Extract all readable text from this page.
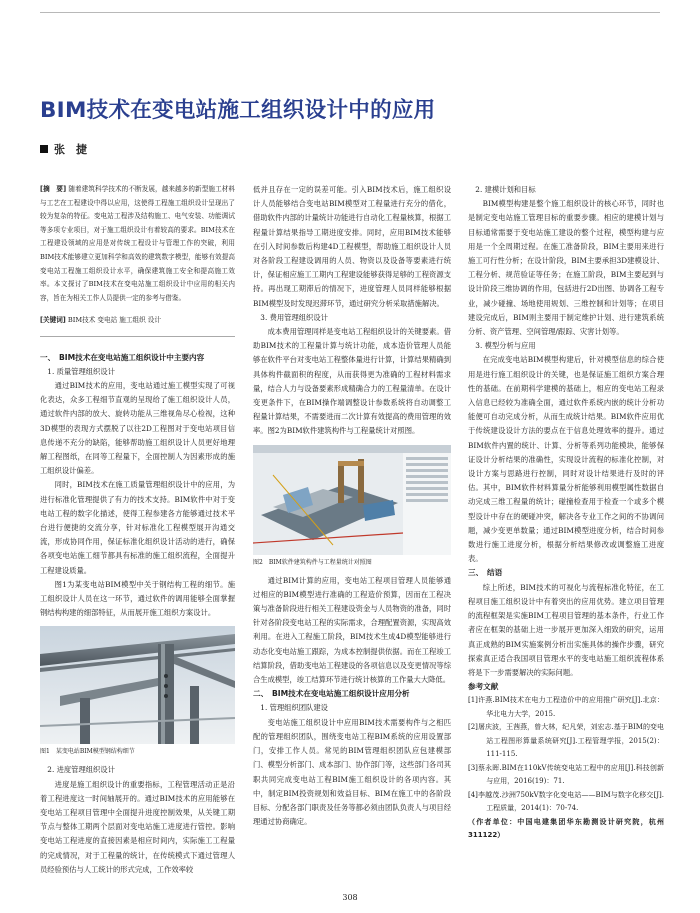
BIM技术在变电站施工组织设计中的应用
张　捷

[摘　要] 随着建筑科学技术的不断发展，越来越多的新型施工材料与工艺在工程建设中得以应用，这使得工程施工组织设计呈现出了较为复杂的特征。变电站工程涉及结构施工、电气安装、功能调试等多项专业项目，对于施工组织设计有着较高的要求。BIM技术在工程建设领域的应用是对传统工程设计与管理工作的突破，利用BIM技术能够建立更加科学和高效的建筑数字模型，能够有效提高变电站工程施工组织设计水平，确保建筑施工安全和提高施工效率。本文探讨了BIM技术在变电站施工组织设计中应用的相关内容，旨在为相关工作人员提供一定的参考与借鉴。

[关键词] BIM技术 变电站 施工组织 设计

一、　BIM技术在变电站施工组织设计中主要内容

1. 质量管理组织设计

通过BIM技术的应用，变电站通过施工模型实现了可视化表达，众多工程细节直观的呈现给了施工组织设计人员，通过软件内部的放大、旋转功能从三维视角尽心检视，这种3D模型的表现方式摆脱了以往2D工程图对于变电站项目信息传递不充分的缺陷，能够帮助施工组织设计人员更好地理解工程图纸，在同等工程量下，全面控制人为因素形成的施工组织设计偏差。

同时，BIM技术在施工质量管理组织设计中的应用，为进行标准化管理提供了有力的技术支持。BIM软件中对于变电站工程的数字化描述，使得工程参建各方能够通过技术平台进行便捷的交流分享，针对标准化工程模型展开沟通交流，形成协同作用，保证标准化组织设计活动的进行，确保各项变电站施工细节都具有标准的施工组织流程，全面提升工程建设质量。

图1为某变电站BIM模型中关于钢结构工程的细节。施工组织设计人员在这一环节，通过软件的调用能够全面掌握钢结构构建的细部特征，从而展开施工组织方案设计。

图1　某变电站BIM模型钢结构细节

2. 进度管理组织设计

进度是施工组织设计的重要指标，工程管理活动正是沿着工程进度这一时间轴展开的。通过BIM技术的应用能够在变电站工程项目管理中全面提升进度控制效果，从关键工期节点与整体工期两个层面对变电站施工进度进行管控。影响变电站工程进度的直接因素是相应时间内，实际施工工程量的完成情况，对于工程量的统计，在传统模式下通过管理人员经验预估与人工统计的形式完成，工作效率较

低并且存在一定的误差可能。引入BIM技术后，施工组织设计人员能够结合变电站BIM模型对工程量进行充分的借化，借助软件内部的计量统计功能进行自动化工程量核算，根据工程量计算结果指导工期进度安排。同时，应用BIM技术能够在引入时间参数后构建4D工程模型，帮助施工组织设计人员对各阶段工程建设调用的人员、物资以及设备等要素进行统计，保证相应施工工期内工程建设能够获得足够的工程资源支持。再出现工期滞后的情况下，进度管理人员同样能够根据BIM模型及时发现迟滞环节，通过研究分析采取措施解决。

3. 费用管理组织设计

成本费用管理同样是变电站工程组织设计的关键要素。借助BIM技术的工程量计算与统计功能，成本造价管理人员能够在软件平台对变电站工程整体量进行计算，计算结果精确到具体构件截面积的程度，从而获得更为准确的工程材料需求量，结合人力与设备要素形成精确合力的工程量清单。在设计变更条件下，在BIM操作端调整设计参数系统将自动调整工程量计算结果，不需要进而二次计算有效提高的费用管理的效率。图2为BIM软件建筑构件与工程量统计对照图。

图2　BIM软件建筑构件与工程量统计对照图

通过BIM计算的应用，变电站工程项目管理人员能够通过相应的BIM模型进行准确的工程造价预算，因而在工程决策与准备阶段进行相关工程建设资金与人员物资的准备，同时针对各阶段变电站工程的实际需求，合理配置资源，实现高效利用。在进入工程施工阶段，BIM技术生成4D模型能够进行动态化变电站施工跟踪，为成本控制提供依据。而在工程竣工结算阶段，借助变电站工程建设的各项信息以及变更情况等综合生成模型，竣工结算环节进行统计核算的工作量大大降低。

二、　BIM技术在变电站施工组织设计应用分析

1. 管理组织团队建设

变电站施工组织设计中应用BIM技术需要构件与之相匹配的管理组织团队，围绕变电站工程BIM系统的应用设置部门，安排工作人员。常见的BIM管理组织团队应包建模部门、模型分析部门、成本部门、协作部门等，这些部门各司其职共同完成变电站工程BIM施工组织设计的各项内容。其中，制定BIM投资规划和效益目标、BIM在施工中的各阶段目标、分配各部门职责及任务等都必须由团队负责人与项目经理通过协商确定。

2. 建模计划和目标

BIM模型构建是整个施工组织设计的核心环节，同时也是制定变电站施工管理目标的重要步骤。相应的建模计划与目标通常需要于变电站施工建设的整个过程，模型构建与应用是一个全周期过程。在施工准备阶段，BIM主要用来进行施工可行性分析；在设计阶段，BIM主要承担3D建模设计、工程分析、规范验证等任务；在施工阶段，BIM主要起到与设计阶段三维协调的作用，包括进行2D出图、协调各工程专业，减少碰撞、场地使用规划、三维控制和计划等；在项目建设完成后，BIM则主要用于制定维护计划、进行建筑系统分析、资产管理、空间管理/跟踪、灾害计划等。

3. 模型分析与应用

在完成变电站BIM模型构建后，针对模型信息的综合使用是进行施工组织设计的关键，也是保证施工组织方案合理性的基础。在前期科学建模的基础上，相应的变电站工程录入信息已经较为准确全面，通过软件系统内嵌的统计分析功能便可自动完成分析，从而生成统计结果。BIM软件应用优于传统建设设计方法的要点在于信息处理效率的提升。通过BIM软件内置的统计、计算、分析等系列功能模块，能够保证设计分析结果的准确性，实现设计流程的标准化控制，对设计方案与思路进行控制，同时对设计结果进行及时的评估。其中，BIM软件材料算量分析能够利用模型属性数据自动完成三维工程量的统计；碰撞检查用于检查一个或多个模型设计中存在的硬碰冲突，解决各专业工作之间的不协调问题，减少变更单数量；通过BIM模型进度分析，结合时间参数进行施工进度分析，根据分析结果修改或调整施工进度表。

三、　结语

综上所述，BIM技术的可视化与流程标准化特征，在工程项目施工组织设计中有着突出的应用优势。建立项目管理的流程框架是实施BIM工程项目管理的基本条件，行业工作者应在框架的基础上进一步展开更加深入细致的研究，运用真正成熟的BIM实施案例分析出实施具体的操作步骤，研究探索真正适合我国项目管理水平的变电站施工组织流程体系将是下一步需要解决的实际问题。

参考文献

[1]许燕.BIM技术在电力工程造价中的应用推广研究[J].北京：华北电力大学，2015.

[2]屠庆波，王茜燕，曾大林，纪凡荣，刘宏志.基于BIM的变电站工程图形算量系统研究[J].工程管理学报，2015(2)：111-115.

[3]蔡永晖.BIM在110kV传统变电站工程中的应用[J].科技创新与应用，2016(19)：71.

[4]李越茂.沙洲750kV数字化变电站——BIM与数字化移交[J].工程质量，2014(1)：70-74.

（作者单位：中国电建集团华东勘测设计研究院，杭州 311122）

308
